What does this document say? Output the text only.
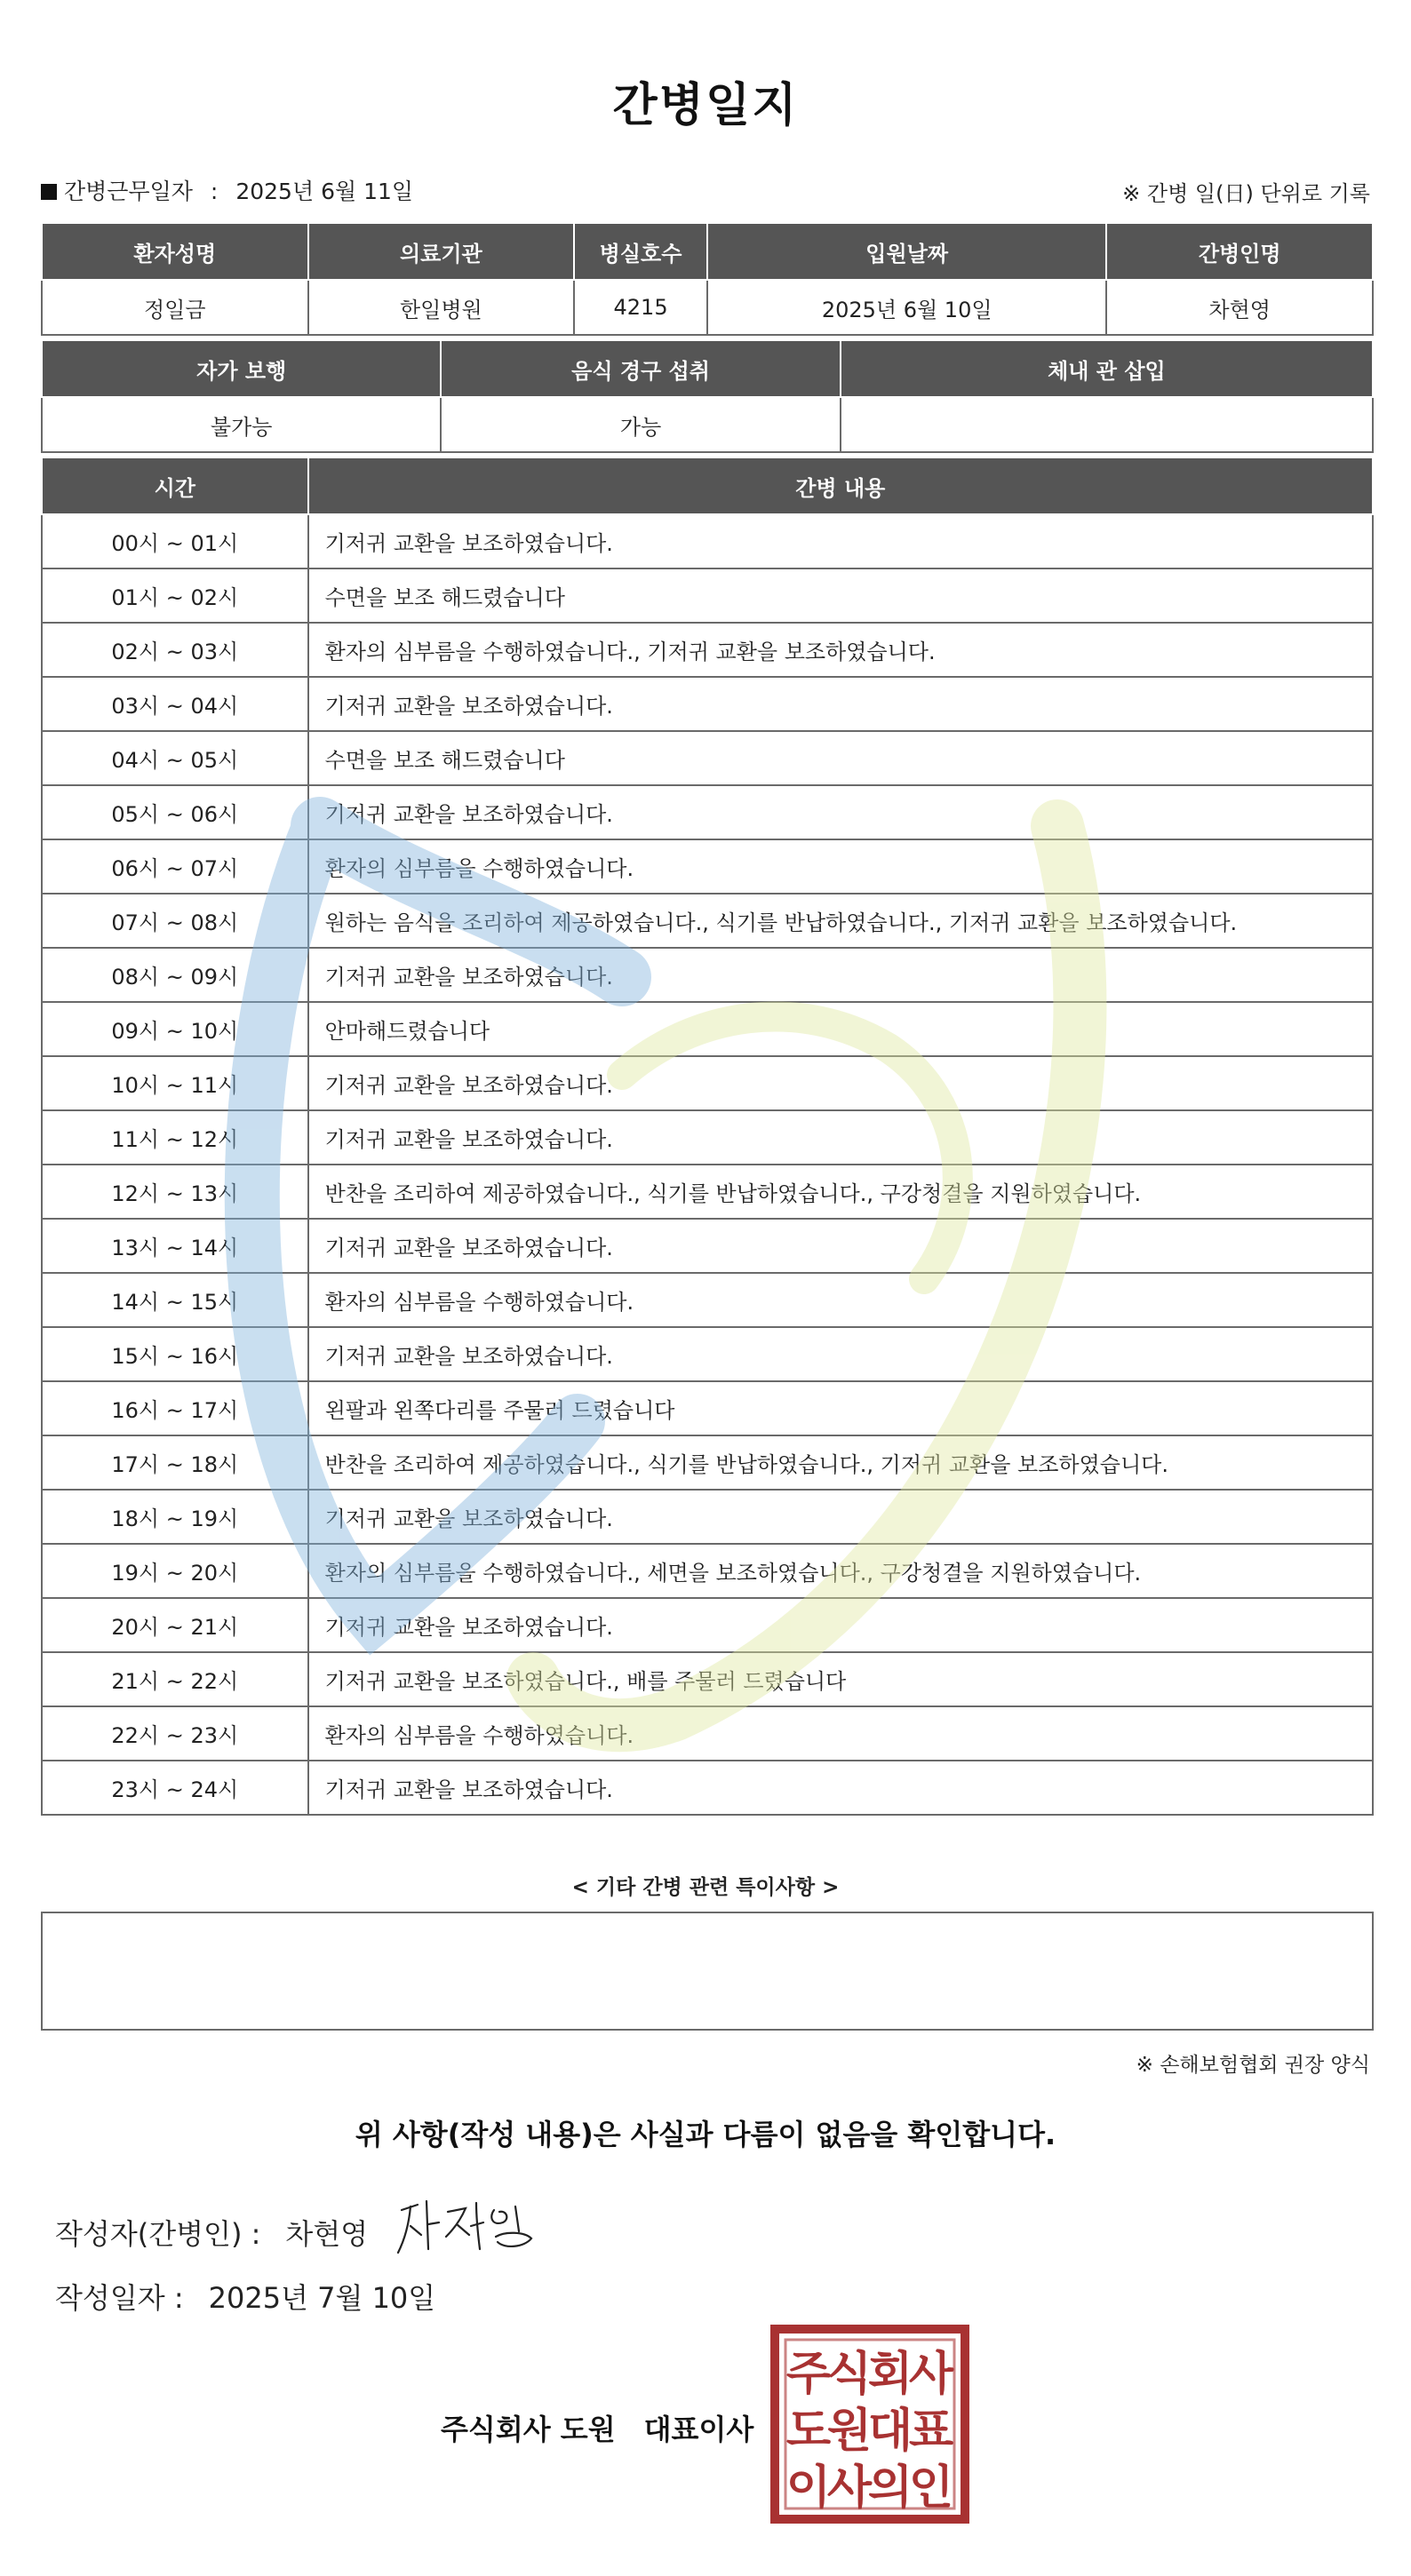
간병일지
간병근무일자 : 2025년 6월 11일	※ 간병 일(日) 단위로 기록
환자성명	의료기관	병실호수	입원날짜	간병인명
정일금	한일병원	4215	2025년 6월 10일	차현영
자가 보행	음식 경구 섭취	체내 관 삽입
불가능	가능	
시간	간병 내용
00시 ~ 01시	기저귀 교환을 보조하였습니다.
01시 ~ 02시	수면을 보조 해드렸습니다
02시 ~ 03시	환자의 심부름을 수행하였습니다., 기저귀 교환을 보조하였습니다.
03시 ~ 04시	기저귀 교환을 보조하였습니다.
04시 ~ 05시	수면을 보조 해드렸습니다
05시 ~ 06시	기저귀 교환을 보조하였습니다.
06시 ~ 07시	환자의 심부름을 수행하였습니다.
07시 ~ 08시	원하는 음식을 조리하여 제공하였습니다., 식기를 반납하였습니다., 기저귀 교환을 보조하였습니다.
08시 ~ 09시	기저귀 교환을 보조하였습니다.
09시 ~ 10시	안마해드렸습니다
10시 ~ 11시	기저귀 교환을 보조하였습니다.
11시 ~ 12시	기저귀 교환을 보조하였습니다.
12시 ~ 13시	반찬을 조리하여 제공하였습니다., 식기를 반납하였습니다., 구강청결을 지원하였습니다.
13시 ~ 14시	기저귀 교환을 보조하였습니다.
14시 ~ 15시	환자의 심부름을 수행하였습니다.
15시 ~ 16시	기저귀 교환을 보조하였습니다.
16시 ~ 17시	왼팔과 왼쪽다리를 주물러 드렸습니다
17시 ~ 18시	반찬을 조리하여 제공하였습니다., 식기를 반납하였습니다., 기저귀 교환을 보조하였습니다.
18시 ~ 19시	기저귀 교환을 보조하였습니다.
19시 ~ 20시	환자의 심부름을 수행하였습니다., 세면을 보조하였습니다., 구강청결을 지원하였습니다.
20시 ~ 21시	기저귀 교환을 보조하였습니다.
21시 ~ 22시	기저귀 교환을 보조하였습니다., 배를 주물러 드렸습니다
22시 ~ 23시	환자의 심부름을 수행하였습니다.
23시 ~ 24시	기저귀 교환을 보조하였습니다.
< 기타 간병 관련 특이사항 >
※ 손해보험협회 권장 양식
위 사항(작성 내용)은 사실과 다름이 없음을 확인합니다.
작성자(간병인) : 차현영
작성일자 : 2025년 7월 10일
주식회사 도원 대표이사
주
식
회
사
도
원
대
표
이
사
의
인
